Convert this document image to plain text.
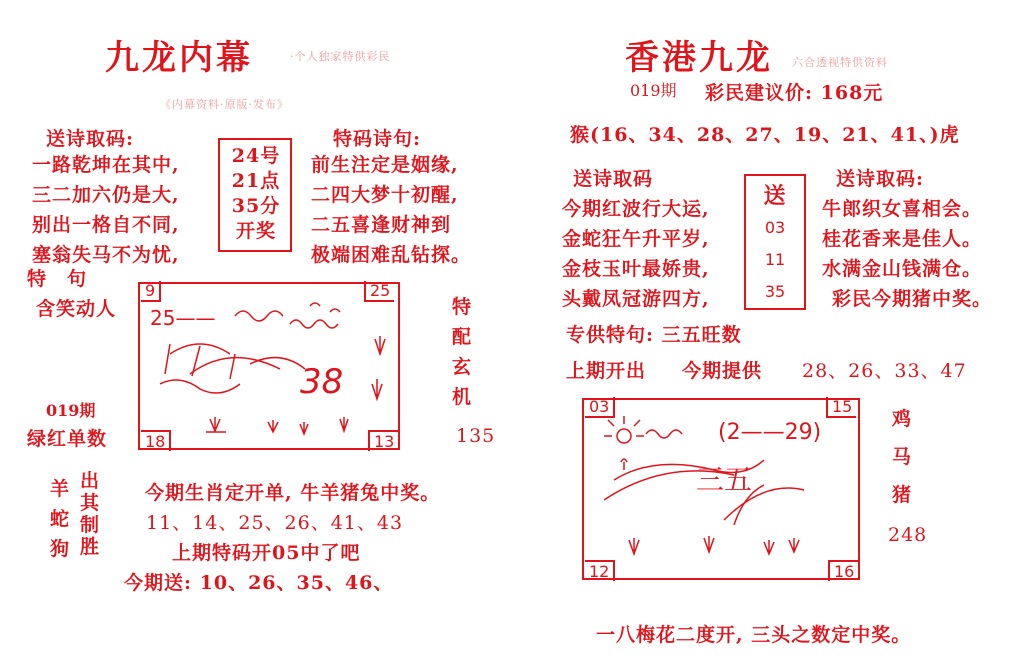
九龙内幕	·个人独家特供彩民
《内幕资料·原版·发布》
送诗取码:
一路乾坤在其中,
三二加六仍是大,
别出一格自不同,
塞翁失马不为忧,
24号
21点
35分
开奖
特码诗句:
前生注定是姻缘,
二四大梦十初醒,
二五喜逢财神到
极端困难乱钻探。
特　句
含笑动人
9	25
18	13
25——
38
019期
绿红单数
特
配
玄
机
135
羊
蛇
狗
出
其
制
胜
今期生肖定开单, 牛羊猪兔中奖。
11、14、25、26、41、43
上期特码开05中了吧
今期送: 10、26、35、46、
香港九龙 六合透视特供资料
019期 彩民建议价: 168元
猴(16、34、28、27、19、21、41、)虎
送诗取码
今期红波行大运,
金蛇狂午升平岁,
金枝玉叶最娇贵,
头戴凤冠游四方,
送
03
11
35
送诗取码:
牛郎织女喜相会。
桂花香来是佳人。
水满金山钱满仓。
彩民今期猪中奖。
专供特句: 三五旺数
上期开出 今期提供 28、26、33、47
03	15
12	16
(2——29)
三五
鸡
马
猪
248
一八梅花二度开, 三头之数定中奖。
